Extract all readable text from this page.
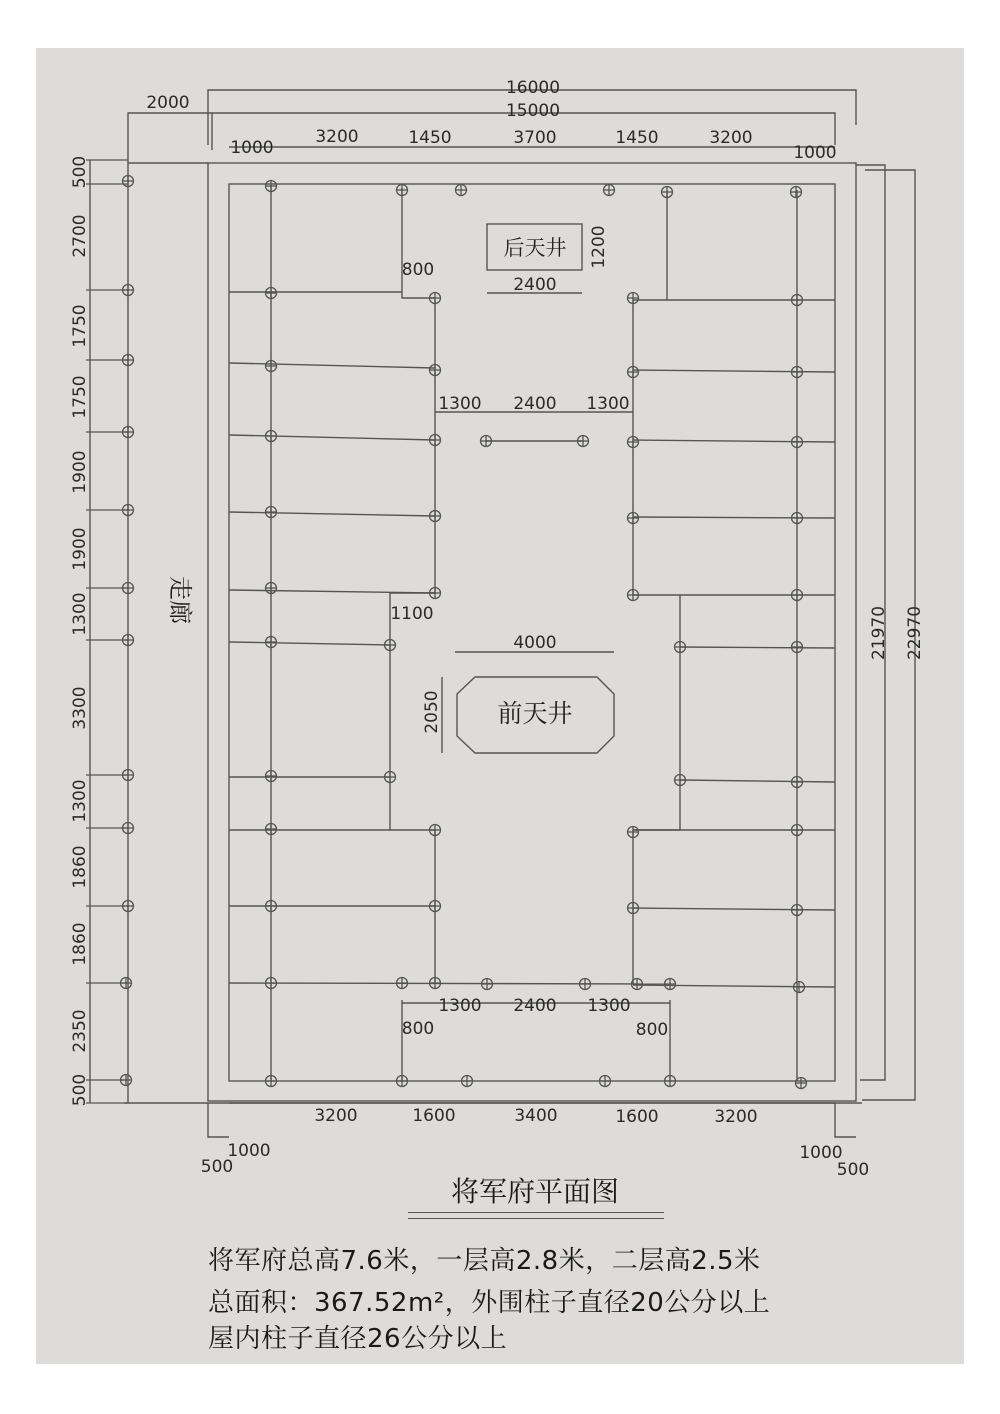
后天井
前天井
走廊
16000
15000
2000
1000
3200	1450	3700	1450	3200
1000
2400
1200
800
1300 2400 1300
1100
4000
2050
1300 2400 1300
800	800
3200	1600	3400	1600	3200
500
1000	1000
500
21970 22970
500
2700
1750
1750
1900
1900
1300
3300
1300
1860
1860
2350
500
将军府平面图
将军府总高7.6米，一层高2.8米，二层高2.5米
总面积：367.52m²，外围柱子直径20公分以上
屋内柱子直径26公分以上
